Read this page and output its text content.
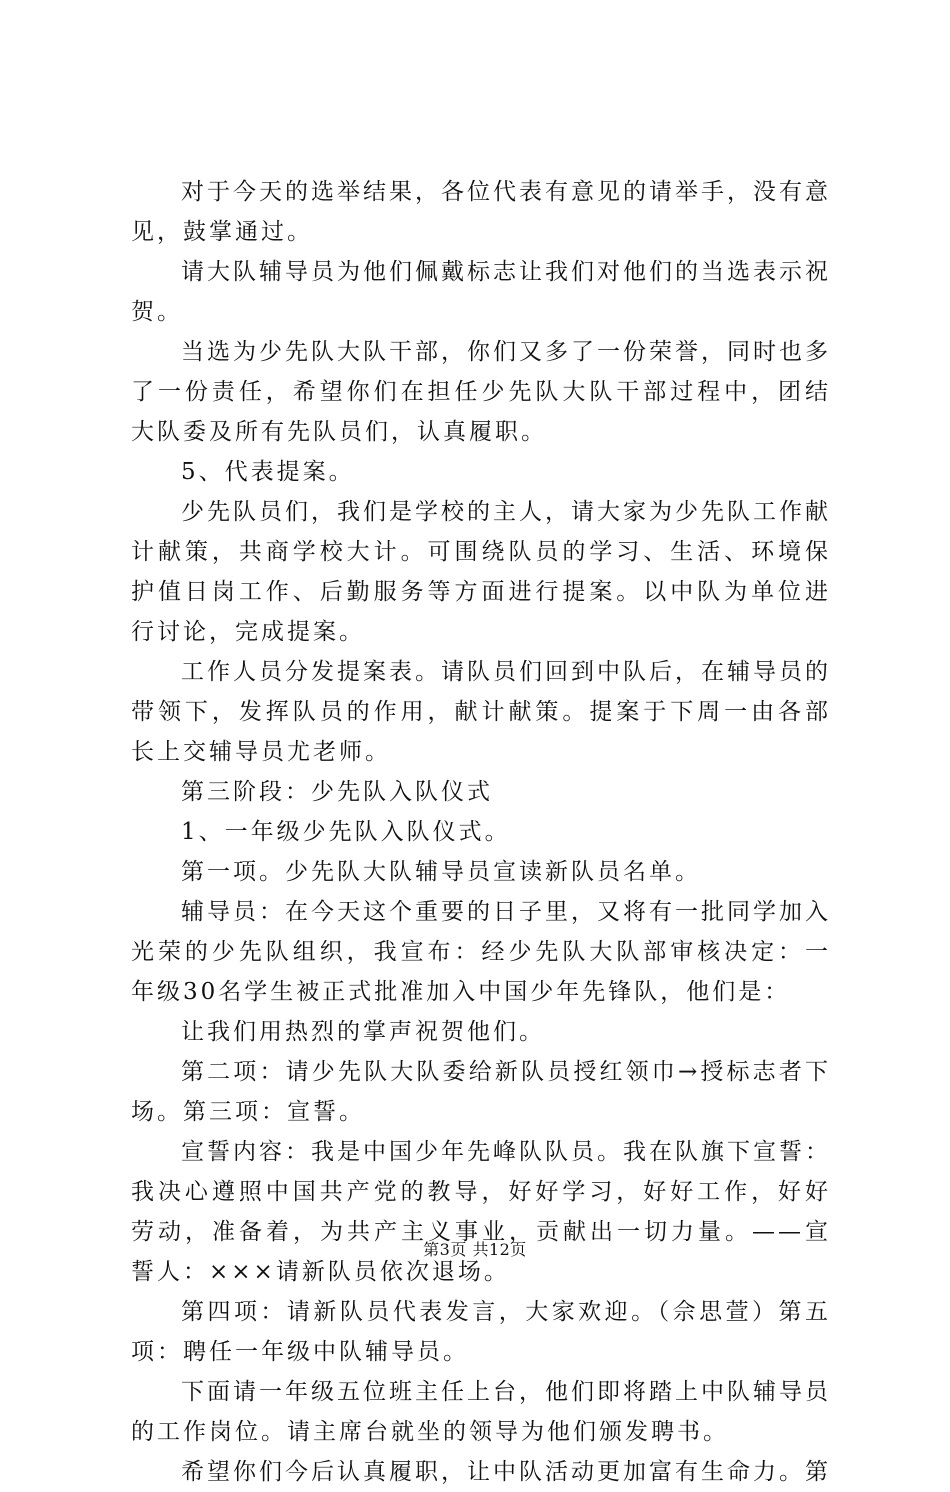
对于今天的选举结果，各位代表有意见的请举手，没有意见，鼓掌通过。

请大队辅导员为他们佩戴标志让我们对他们的当选表示祝贺。

当选为少先队大队干部，你们又多了一份荣誉，同时也多了一份责任，希望你们在担任少先队大队干部过程中，团结大队委及所有先队员们，认真履职。

5、代表提案。

少先队员们，我们是学校的主人，请大家为少先队工作献计献策，共商学校大计。可围绕队员的学习、生活、环境保护值日岗工作、后勤服务等方面进行提案。以中队为单位进行讨论，完成提案。

工作人员分发提案表。请队员们回到中队后，在辅导员的带领下，发挥队员的作用，献计献策。提案于下周一由各部长上交辅导员尤老师。

第三阶段：少先队入队仪式

1、一年级少先队入队仪式。

第一项。少先队大队辅导员宣读新队员名单。

辅导员：在今天这个重要的日子里，又将有一批同学加入光荣的少先队组织，我宣布：经少先队大队部审核决定：一年级30名学生被正式批准加入中国少年先锋队，他们是：

让我们用热烈的掌声祝贺他们。

第二项：请少先队大队委给新队员授红领巾→授标志者下场。第三项：宣誓。

宣誓内容：我是中国少年先峰队队员。我在队旗下宣誓：我决心遵照中国共产党的教导，好好学习，好好工作，好好劳动，准备着，为共产主义事业，贡献出一切力量。——宣誓人：×××请新队员依次退场。

第四项：请新队员代表发言，大家欢迎。（佘思萱）第五项：聘任一年级中队辅导员。

下面请一年级五位班主任上台，他们即将踏上中队辅导员的工作岗位。请主席台就坐的领导为他们颁发聘书。

希望你们今后认真履职，让中队活动更加富有生命力。第

第3页 共12页
